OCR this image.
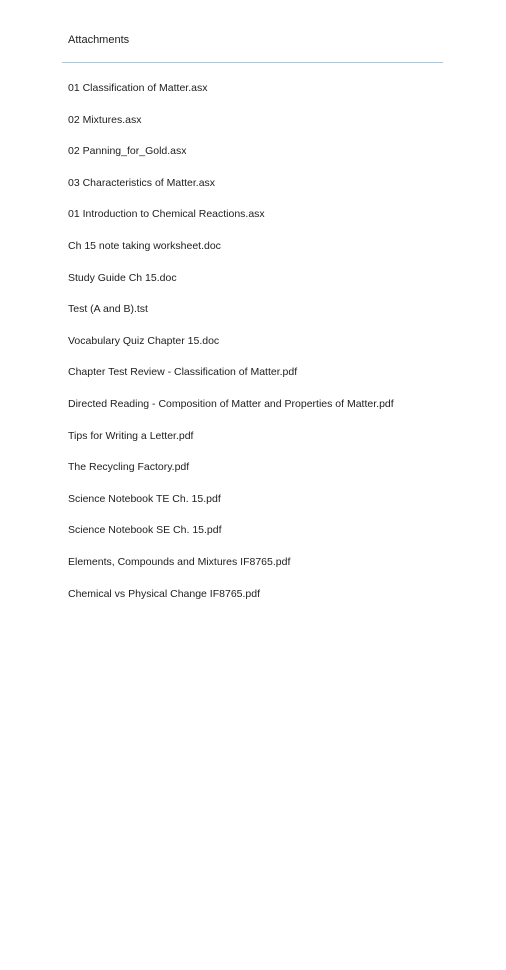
Attachments
01 Classification of Matter.asx
02 Mixtures.asx
02 Panning_for_Gold.asx
03 Characteristics of Matter.asx
01 Introduction to Chemical Reactions.asx
Ch 15 note taking worksheet.doc
Study Guide Ch 15.doc
Test (A and B).tst
Vocabulary Quiz Chapter 15.doc
Chapter Test Review - Classification of Matter.pdf
Directed Reading - Composition of Matter and Properties of Matter.pdf
Tips for Writing a Letter.pdf
The Recycling Factory.pdf
Science Notebook TE Ch. 15.pdf
Science Notebook SE Ch. 15.pdf
Elements, Compounds and Mixtures IF8765.pdf
Chemical vs Physical Change IF8765.pdf
